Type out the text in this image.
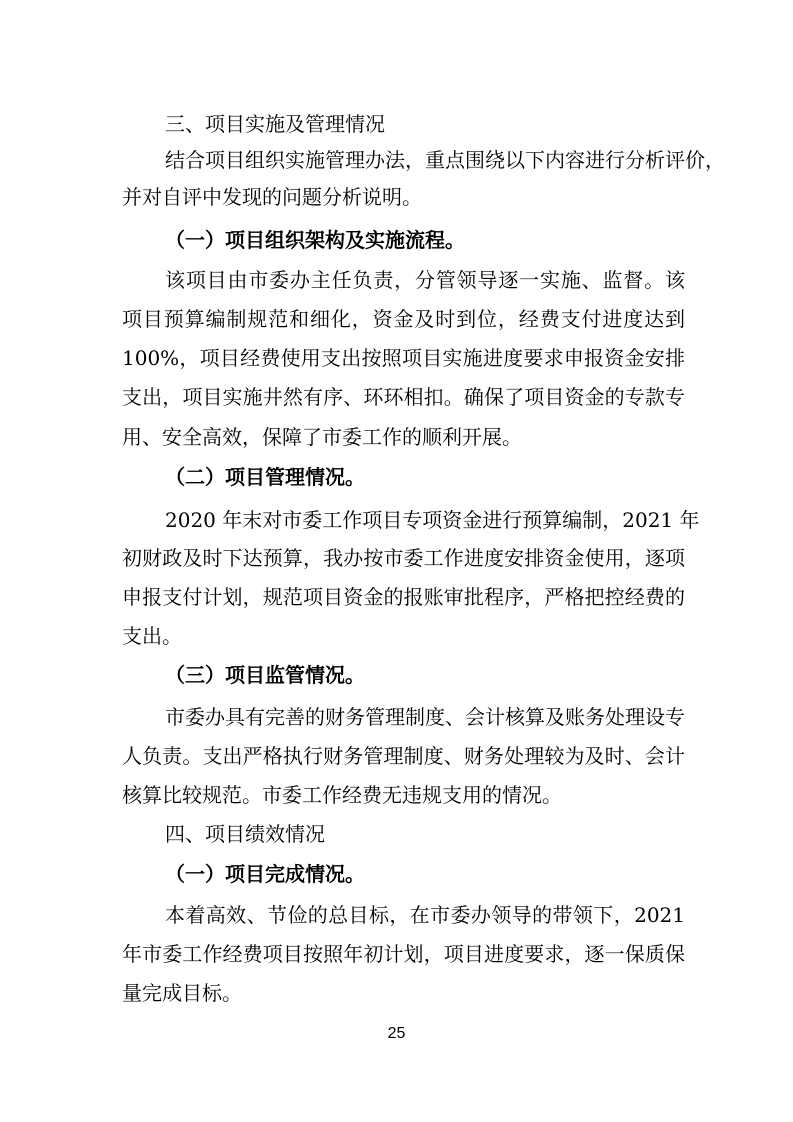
三、项目实施及管理情况
结合项目组织实施管理办法，重点围绕以下内容进行分析评价，
并对自评中发现的问题分析说明。
（一）项目组织架构及实施流程。
该项目由市委办主任负责，分管领导逐一实施、监督。该
项目预算编制规范和细化，资金及时到位，经费支付进度达到
100%，项目经费使用支出按照项目实施进度要求申报资金安排
支出，项目实施井然有序、环环相扣。确保了项目资金的专款专
用、安全高效，保障了市委工作的顺利开展。
（二）项目管理情况。
2020 年末对市委工作项目专项资金进行预算编制，2021 年
初财政及时下达预算，我办按市委工作进度安排资金使用，逐项
申报支付计划，规范项目资金的报账审批程序，严格把控经费的
支出。
（三）项目监管情况。
市委办具有完善的财务管理制度、会计核算及账务处理设专
人负责。支出严格执行财务管理制度、财务处理较为及时、会计
核算比较规范。市委工作经费无违规支用的情况。
四、项目绩效情况
（一）项目完成情况。
本着高效、节俭的总目标，在市委办领导的带领下，2021
年市委工作经费项目按照年初计划，项目进度要求，逐一保质保
量完成目标。
25
